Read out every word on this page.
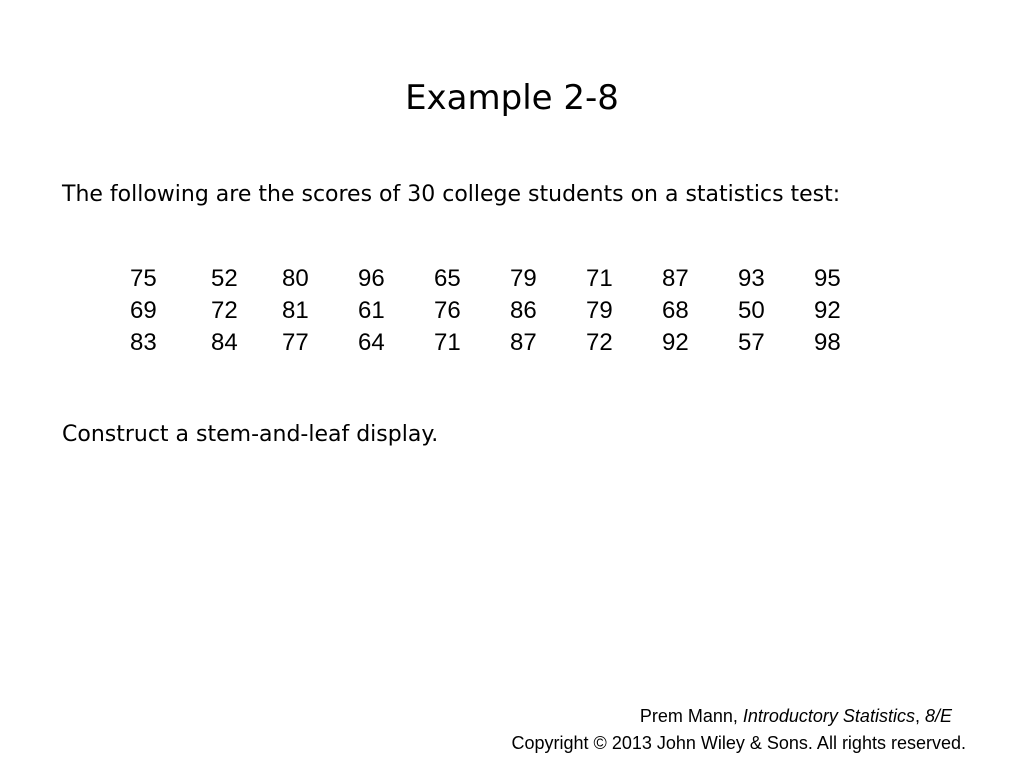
Example 2-8
The following are the scores of 30 college students on a statistics test:
75 52 80 96 65 79 71 87 93 95
69 72 81 61 76 86 79 68 50 92
83 84 77 64 71 87 72 92 57 98
Construct a stem-and-leaf display.
Prem Mann, Introductory Statistics, 8/E
Copyright © 2013 John Wiley & Sons. All rights reserved.
